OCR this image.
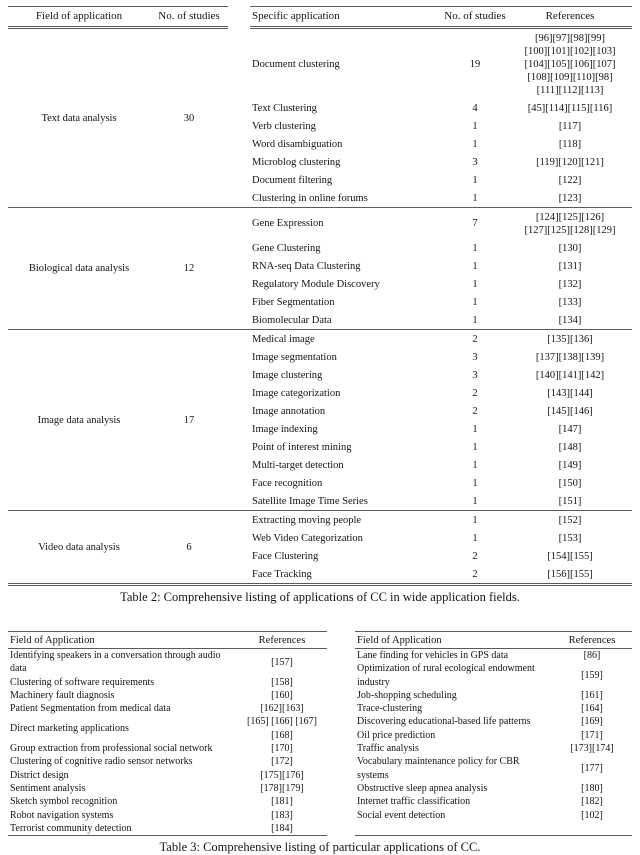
Field of application	No. of studies		Specific application	No. of studies	References
Text data analysis	30		Document clustering	19	[96][97][98][99]
[100][101][102][103]
[104][105][106][107]
[108][109][110][98]
[111][112][113]

			Text Clustering	4	[45][114][115][116]

			Verb clustering	1	[117]

			Word disambiguation	1	[118]

			Microblog clustering	3	[119][120][121]

			Document filtering	1	[122]

			Clustering in online forums	1	[123]

Biological data analysis	12		Gene Expression	7	[124][125][126]
[127][125][128][129]

			Gene Clustering	1	[130]

			RNA-seq Data Clustering	1	[131]

			Regulatory Module Discovery	1	[132]

			Fiber Segmentation	1	[133]

			Biomolecular Data	1	[134]

Image data analysis	17		Medical image	2	[135][136]

			Image segmentation	3	[137][138][139]

			Image clustering	3	[140][141][142]

			Image categorization	2	[143][144]

			Image annotation	2	[145][146]

			Image indexing	1	[147]

			Point of interest mining	1	[148]

			Multi-target detection	1	[149]

			Face recognition	1	[150]

			Satellite Image Time Series	1	[151]

Video data analysis	6		Extracting moving people	1	[152]

			Web Video Categorization	1	[153]

			Face Clustering	2	[154][155]

			Face Tracking	2	[156][155]
Table 2: Comprehensive listing of applications of CC in wide application fields.
Field of Application	References
Identifying speakers in a conversation through audio data	[157]
Clustering of software requirements	[158]
Machinery fault diagnosis	[160]
Patient Segmentation from medical data	[162][163]
Direct marketing applications	[165] [166] [167] [168]
Group extraction from professional social network	[170]
Clustering of cognitive radio sensor networks	[172]
District design	[175][176]
Sentiment analysis	[178][179]
Sketch symbol recognition	[181]
Robot navigation systems	[183]
Terrorist community detection	[184]
Field of Application	References
Lane finding for vehicles in GPS data	[86]
Optimization of rural ecological endowment industry	[159]
Job-shopping scheduling	[161]
Trace-clustering	[164]
Discovering educational-based life patterns	[169]
Oil price prediction	[171]
Traffic analysis	[173][174]
Vocabulary maintenance policy for CBR systems	[177]
Obstructive sleep apnea analysis	[180]
Internet traffic classification	[182]
Social event detection	[102]
Table 3: Comprehensive listing of particular applications of CC.
